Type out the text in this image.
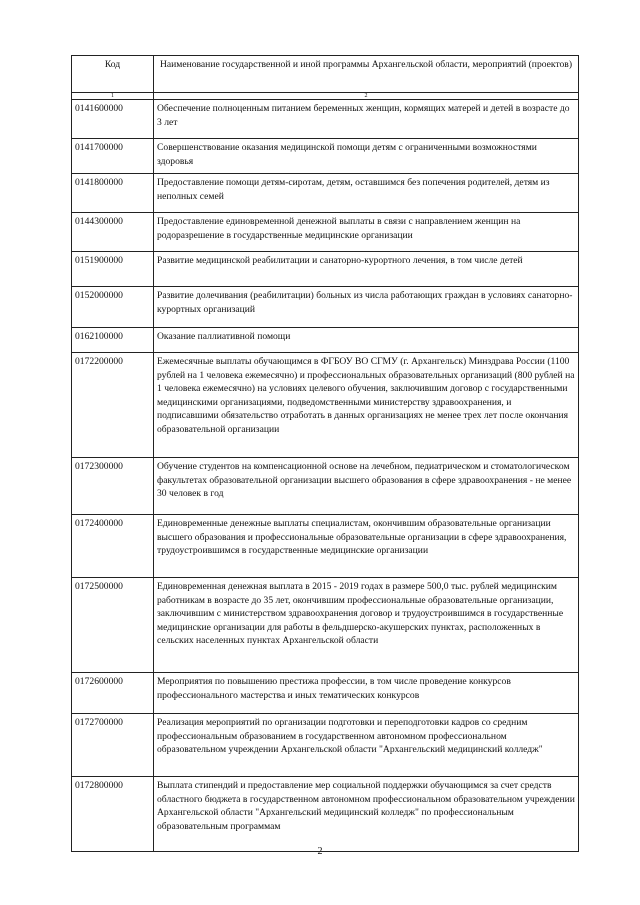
Код	Наименование государственной и иной программы Архангельской области, мероприятий (проектов)
1	2
0141600000	Обеспечение полноценным питанием беременных женщин, кормящих матерей и детей в возрасте до 3 лет
0141700000	Совершенствование оказания медицинской помощи детям с ограниченными возможностями здоровья
0141800000	Предоставление помощи детям-сиротам, детям, оставшимся без попечения родителей, детям из неполных семей
0144300000	Предоставление единовременной денежной выплаты в связи с направлением женщин на родоразрешение в государственные медицинские организации
0151900000	Развитие медицинской реабилитации и санаторно-курортного лечения, в том числе детей
0152000000	Развитие долечивания (реабилитации) больных из числа работающих граждан в условиях санаторно-курортных организаций
0162100000	Оказание паллиативной помощи
0172200000	Ежемесячные выплаты обучающимся в ФГБОУ ВО СГМУ (г. Архангельск) Минздрава России (1100 рублей на 1 человека ежемесячно) и профессиональных образовательных организаций (800 рублей на 1 человека ежемесячно) на условиях целевого обучения, заключившим договор с государственными медицинскими организациями, подведомственными министерству здравоохранения, и подписавшими обязательство отработать в данных организациях не менее трех лет после окончания образовательной организации
0172300000	Обучение студентов на компенсационной основе на лечебном, педиатрическом и стоматологическом факультетах образовательной организации высшего образования в сфере здравоохранения - не менее 30 человек в год
0172400000	Единовременные денежные выплаты специалистам, окончившим образовательные организации высшего образования и профессиональные образовательные организации в сфере здравоохранения, трудоустроившимся в государственные медицинские организации
0172500000	Единовременная денежная выплата в 2015 - 2019 годах в размере 500,0 тыс. рублей медицинским работникам в возрасте до 35 лет, окончившим профессиональные образовательные организации, заключившим с министерством здравоохранения договор и трудоустроившимся в государственные медицинские организации для работы в фельдшерско-акушерских пунктах, расположенных в сельских населенных пунктах Архангельской области
0172600000	Мероприятия по повышению престижа профессии, в том числе проведение конкурсов профессионального мастерства и иных тематических конкурсов
0172700000	Реализация мероприятий по организации подготовки и переподготовки кадров со средним профессиональным образованием в государственном автономном профессиональном образовательном учреждении Архангельской области "Архангельский медицинский колледж"
0172800000	Выплата стипендий и предоставление мер социальной поддержки обучающимся за счет средств областного бюджета в государственном автономном профессиональном образовательном учреждении Архангельской области "Архангельский медицинский колледж" по профессиональным образовательным программам
2
